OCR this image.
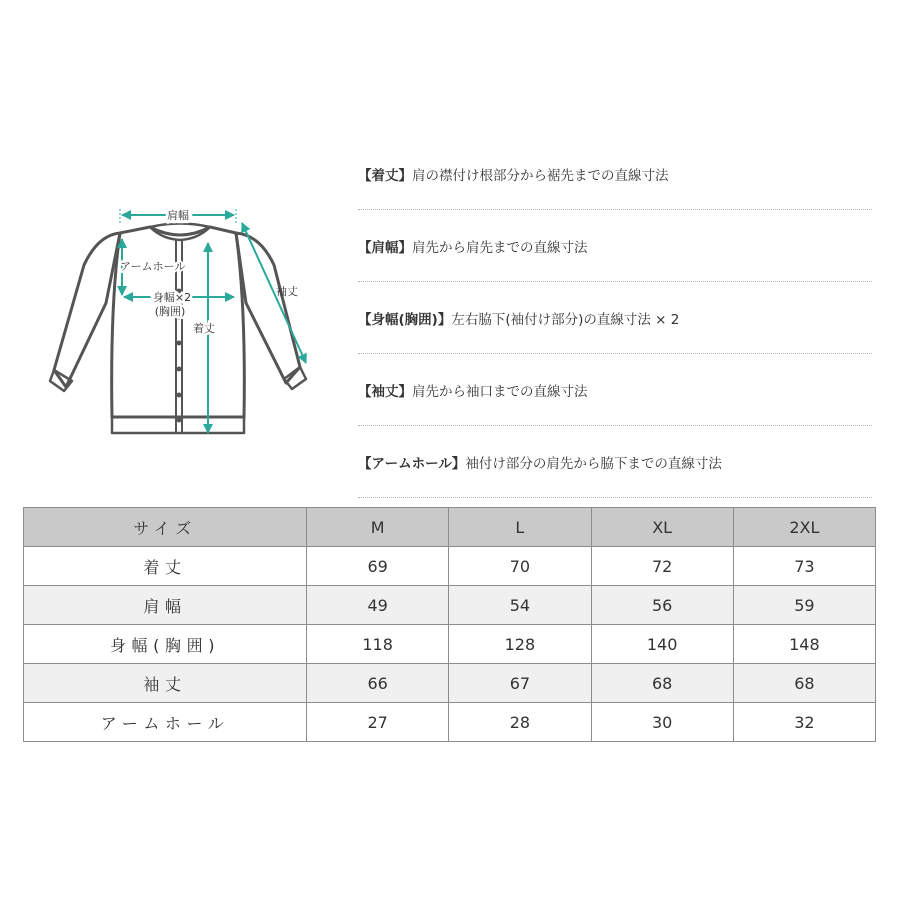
肩幅
アームホール
身幅×2
(胸囲)
着丈
袖丈
【着丈】 肩の襟付け根部分から裾先までの直線寸法
【肩幅】 肩先から肩先までの直線寸法
【身幅(胸囲)】 左右脇下(袖付け部分)の直線寸法 × 2
【袖丈】 肩先から袖口までの直線寸法
【アームホール】 袖付け部分の肩先から脇下までの直線寸法
サイズ	M	L	XL	2XL
着丈	69	70	72	73
肩幅	49	54	56	59
身幅(胸囲)	118	128	140	148
袖丈	66	67	68	68
アームホール	27	28	30	32
